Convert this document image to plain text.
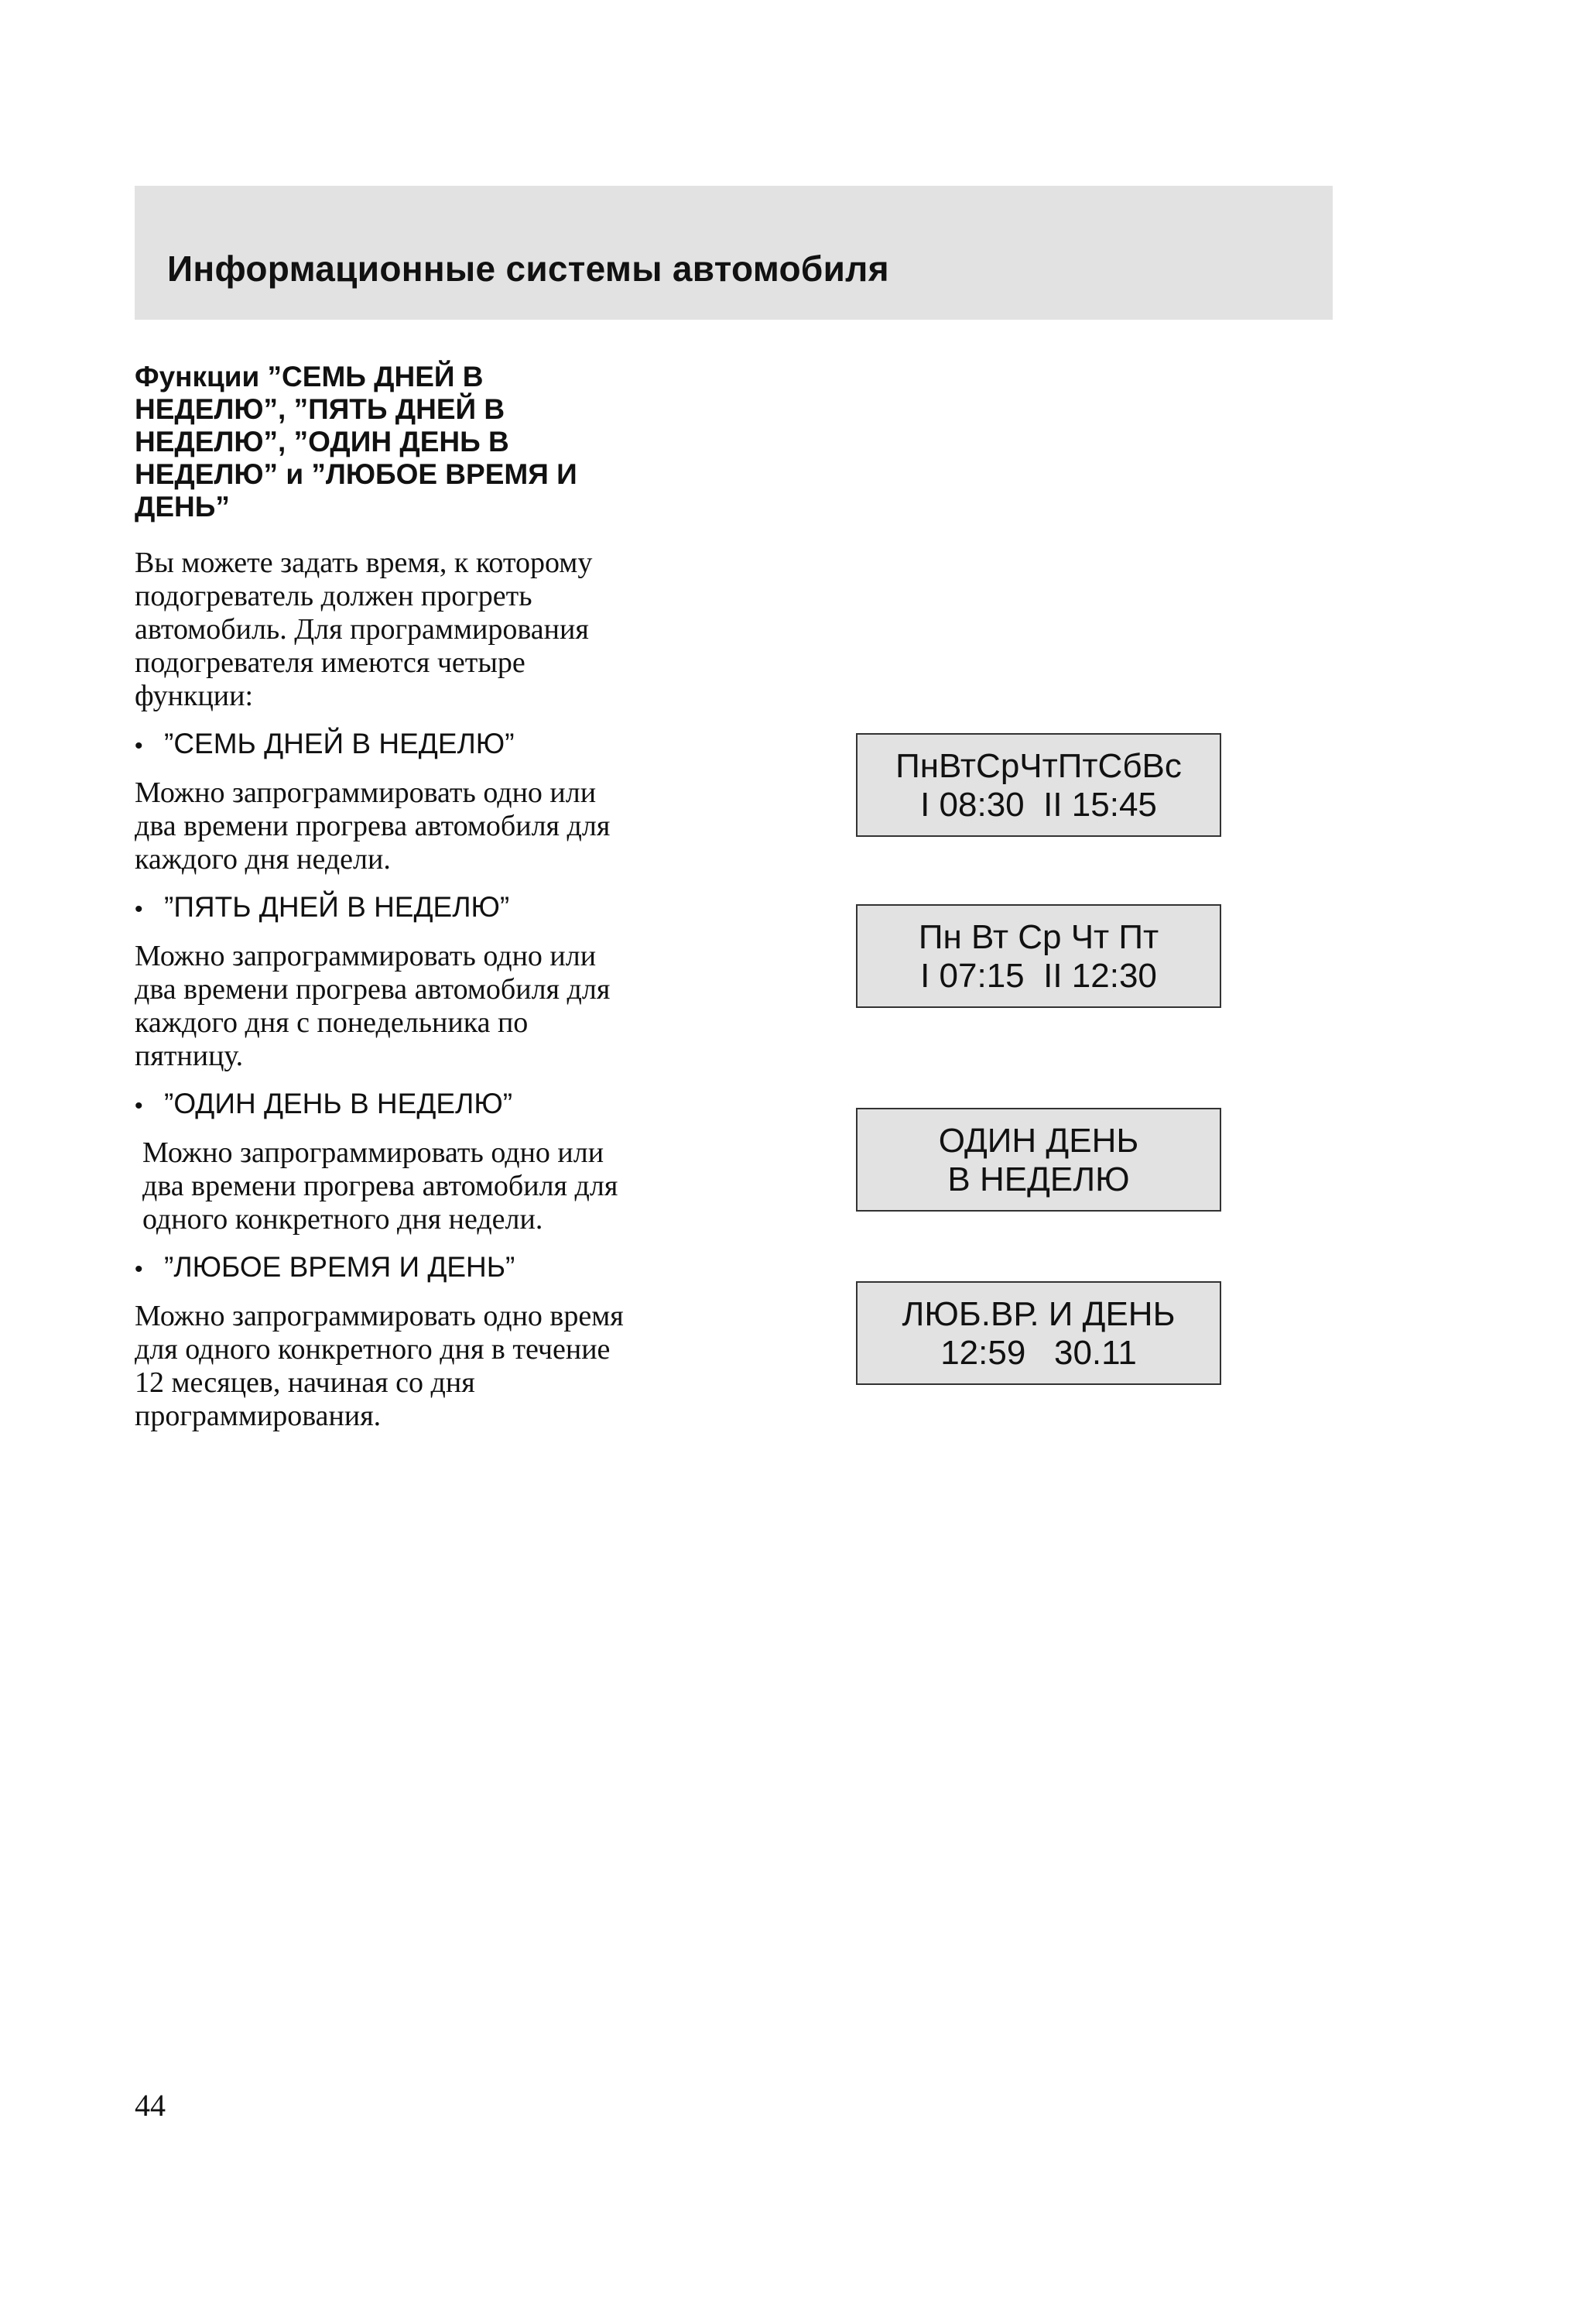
Информационные системы автомобиля
Функции ”СЕМЬ ДНЕЙ В
НЕДЕЛЮ”, ”ПЯТЬ ДНЕЙ В
НЕДЕЛЮ”, ”ОДИН ДЕНЬ В
НЕДЕЛЮ” и ”ЛЮБОЕ ВРЕМЯ И
ДЕНЬ”

Вы можете задать время, к которому
подогреватель должен прогреть
автомобиль. Для программирования
подогревателя имеются четыре
функции:

• ”СЕМЬ ДНЕЙ В НЕДЕЛЮ”

Можно запрограммировать одно или
два времени прогрева автомобиля для
каждого дня недели.

• ”ПЯТЬ ДНЕЙ В НЕДЕЛЮ”

Можно запрограммировать одно или
два времени прогрева автомобиля для
каждого дня с понедельника по
пятницу.

• ”ОДИН ДЕНЬ В НЕДЕЛЮ”

Можно запрограммировать одно или
два времени прогрева автомобиля для
одного конкретного дня недели.

• ”ЛЮБОЕ ВРЕМЯ И ДЕНЬ”

Можно запрограммировать одно время
для одного конкретного дня в течение
12 месяцев, начиная со дня
программирования.

ПнВтСрЧтПтСбВс
I 08:30  II 15:45
Пн Вт Ср Чт Пт
I 07:15  II 12:30
ОДИН ДЕНЬ
В НЕДЕЛЮ
ЛЮБ.ВР. И ДЕНЬ
12:59   30.11

44
